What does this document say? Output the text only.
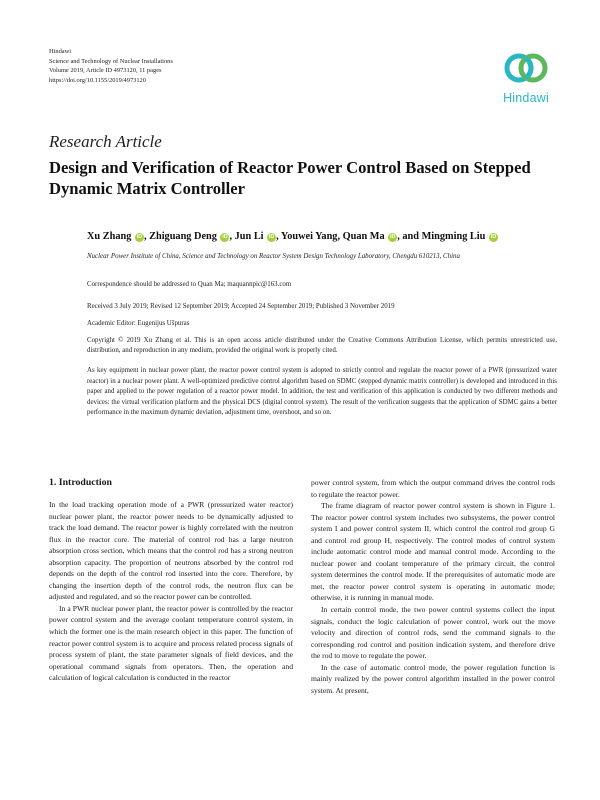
Hindawi
Science and Technology of Nuclear Installations
Volume 2019, Article ID 4973120, 11 pages
https://doi.org/10.1155/2019/4973120
Hindawi
Research Article
Design and Verification of Reactor Power Control Based on Stepped Dynamic Matrix Controller
Xu Zhang iD , Zhiguang Deng iD , Jun Li iD , Youwei Yang, Quan Ma iD , and Mingming Liu iD
Nuclear Power Institute of China, Science and Technology on Reactor System Design Technology Laboratory, Chengdu 610213, China
Correspondence should be addressed to Quan Ma; maquannpic@163.com
Received 3 July 2019; Revised 12 September 2019; Accepted 24 September 2019; Published 3 November 2019
Academic Editor: Eugenijus Ušpuras
Copyright © 2019 Xu Zhang et al. This is an open access article distributed under the Creative Commons Attribution License, which permits unrestricted use, distribution, and reproduction in any medium, provided the original work is properly cited.
As key equipment in nuclear power plant, the reactor power control system is adopted to strictly control and regulate the reactor power of a PWR (pressurized water reactor) in a nuclear power plant. A well-optimized predictive control algorithm based on SDMC (stepped dynamic matrix controller) is developed and introduced in this paper and applied to the power regulation of a reactor power model. In addition, the test and verification of this application is conducted by two different methods and devices: the virtual verification platform and the physical DCS (digital control system). The result of the verification suggests that the application of SDMC gains a better performance in the maximum dynamic deviation, adjustment time, overshoot, and so on.
1. Introduction

In the load tracking operation mode of a PWR (pressurized water reactor) nuclear power plant, the reactor power needs to be dynamically adjusted to track the load demand. The reactor power is highly correlated with the neutron flux in the reactor core. The material of control rod has a large neutron absorption cross section, which means that the control rod has a strong neutron absorption capacity. The proportion of neutrons absorbed by the control rod depends on the depth of the control rod inserted into the core. Therefore, by changing the insertion depth of the control rods, the neutron flux can be adjusted and regulated, and so the reactor power can be controlled.

In a PWR nuclear power plant, the reactor power is controlled by the reactor power control system and the average coolant temperature control system, in which the former one is the main research object in this paper. The function of reactor power control system is to acquire and process related process signals of process system of plant, the state parameter signals of field devices, and the operational command signals from operators. Then, the operation and calculation of logical calculation is conducted in the reactor

power control system, from which the output command drives the control rods to regulate the reactor power.

The frame diagram of reactor power control system is shown in Figure 1. The reactor power control system includes two subsystems, the power control system I and power control system II, which control the control rod group G and control rod group H, respectively. The control modes of control system include automatic control mode and manual control mode. According to the nuclear power and coolant temperature of the primary circuit, the control system determines the control mode. If the prerequisites of automatic mode are met, the reactor power control system is operating in automatic mode; otherwise, it is running in manual mode.

In certain control mode, the two power control systems collect the input signals, conduct the logic calculation of power control, work out the move velocity and direction of control rods, send the command signals to the corresponding rod control and position indication system, and therefore drive the rod to move to regulate the power.

In the case of automatic control mode, the power regulation function is mainly realized by the power control algorithm installed in the power control system. At present,
